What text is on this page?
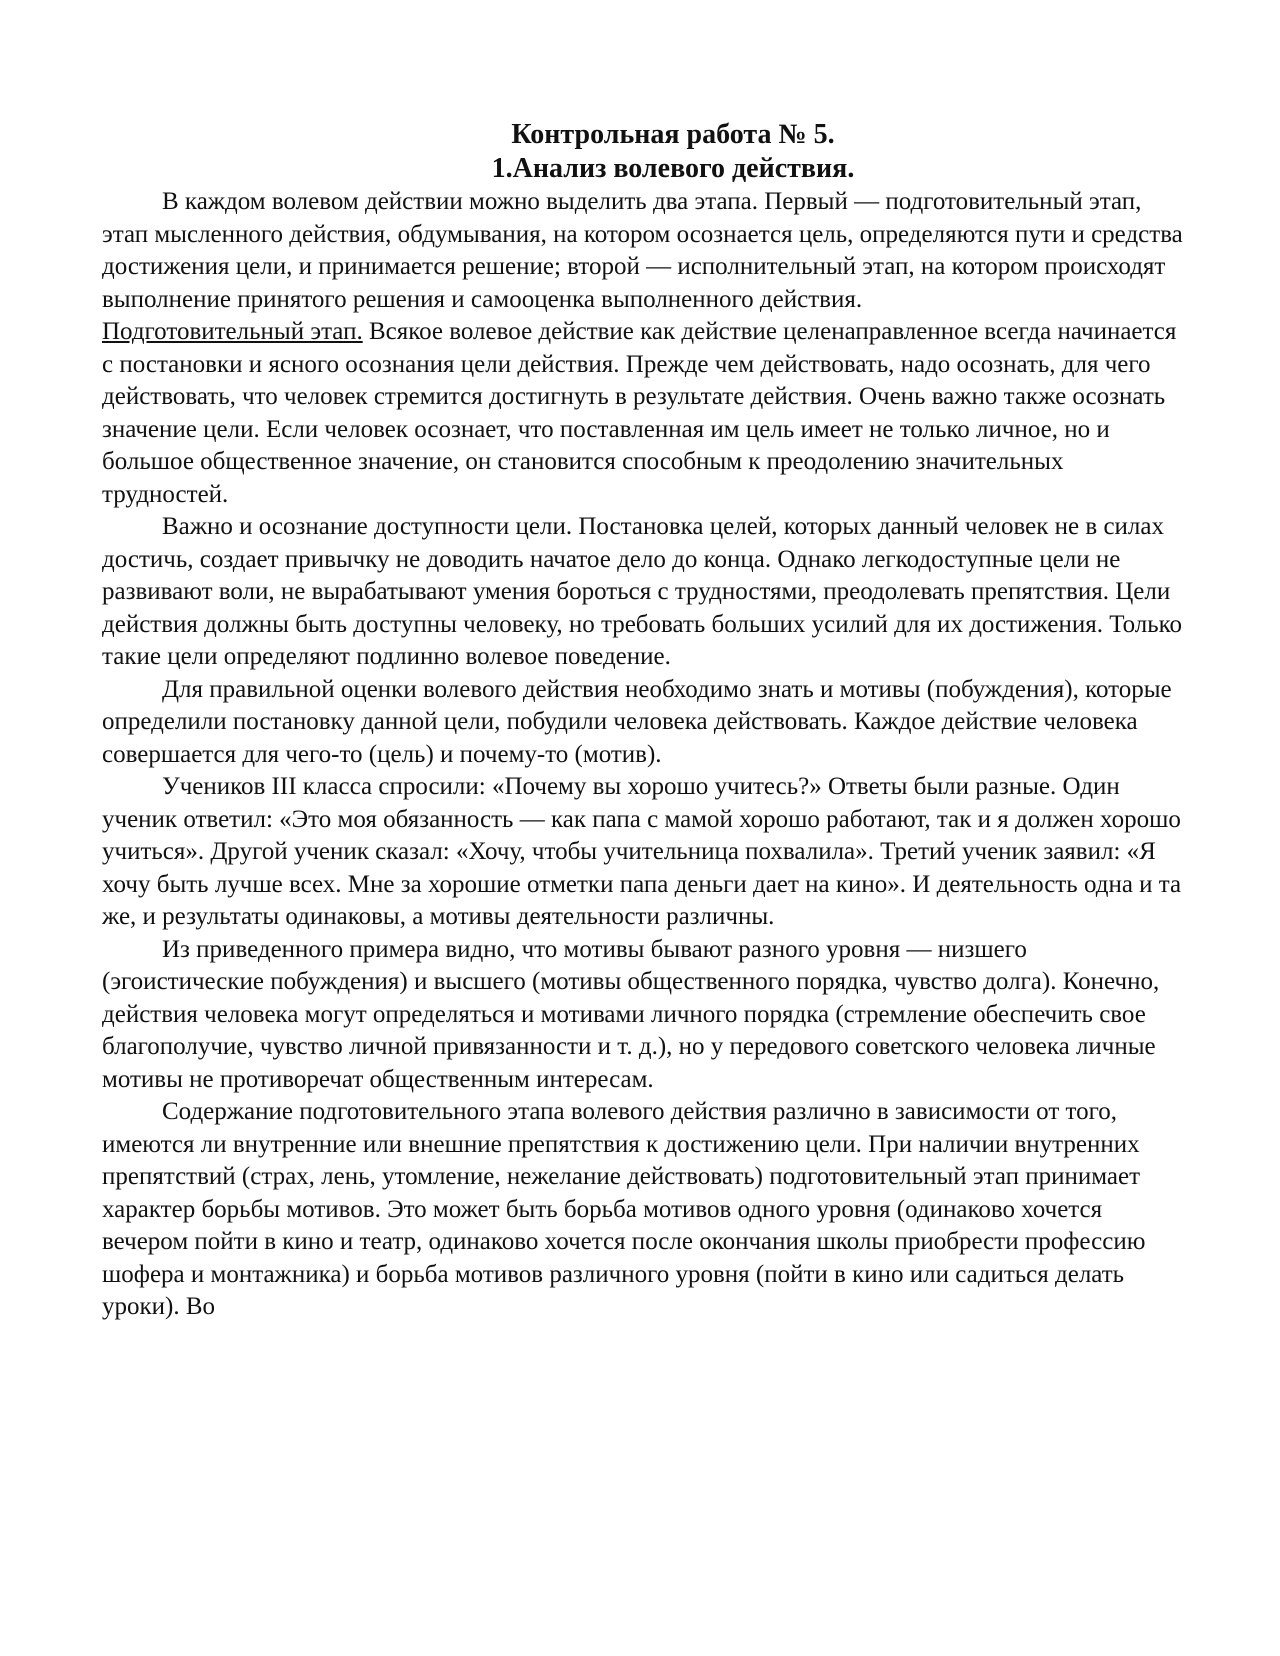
Контрольная работа № 5.
1.Анализ волевого действия.

В каждом волевом действии можно выделить два этапа. Первый — подготовительный этап, этап мысленного действия, обдумывания, на котором осознается цель, определяются пути и средства достижения цели, и принимается решение; второй — исполнительный этап, на котором происходят выполнение принятого решения и самооценка выполненного действия.

Подготовительный этап. Всякое волевое действие как действие целенаправленное всегда начинается с постановки и ясного осознания цели действия. Прежде чем действовать, надо осознать, для чего действовать, что человек стремится достигнуть в результате действия. Очень важно также осознать значение цели. Если человек осознает, что поставленная им цель имеет не только личное, но и большое общественное значение, он становится способным к преодолению значительных трудностей.

Важно и осознание доступности цели. Постановка целей, которых данный человек не в силах достичь, создает привычку не доводить начатое дело до конца. Однако легкодоступные цели не развивают воли, не вырабатывают умения бороться с трудностями, преодолевать препятствия. Цели действия должны быть доступны человеку, но требовать больших усилий для их достижения. Только такие цели определяют подлинно волевое поведение.

Для правильной оценки волевого действия необходимо знать и мотивы (побуждения), которые определили постановку данной цели, побудили человека действовать. Каждое действие человека совершается для чего-то (цель) и почему-то (мотив).

Учеников III класса спросили: «Почему вы хорошо учитесь?» Ответы были разные. Один ученик ответил: «Это моя обязанность — как папа с мамой хорошо работают, так и я должен хорошо учиться». Другой ученик сказал: «Хочу, чтобы учительница похвалила». Третий ученик заявил: «Я хочу быть лучше всех. Мне за хорошие отметки папа деньги дает на кино». И деятельность одна и та же, и результаты одинаковы, а мотивы деятельности различны.

Из приведенного примера видно, что мотивы бывают разного уровня — низшего (эгоистические побуждения) и высшего (мотивы общественного порядка, чувство долга). Конечно, действия человека могут определяться и мотивами личного порядка (стремление обеспечить свое благополучие, чувство личной привязанности и т. д.), но у передового советского человека личные мотивы не противоречат общественным интересам.

Содержание подготовительного этапа волевого действия различно в зависимости от того, имеются ли внутренние или внешние препятствия к достижению цели. При наличии внутренних препятствий (страх, лень, утомление, нежелание действовать) подготовительный этап принимает характер борьбы мотивов. Это может быть борьба мотивов одного уровня (одинаково хочется вечером пойти в кино и театр, одинаково хочется после окончания школы приобрести профессию шофера и монтажника) и борьба мотивов различного уровня (пойти в кино или садиться делать уроки). Во
